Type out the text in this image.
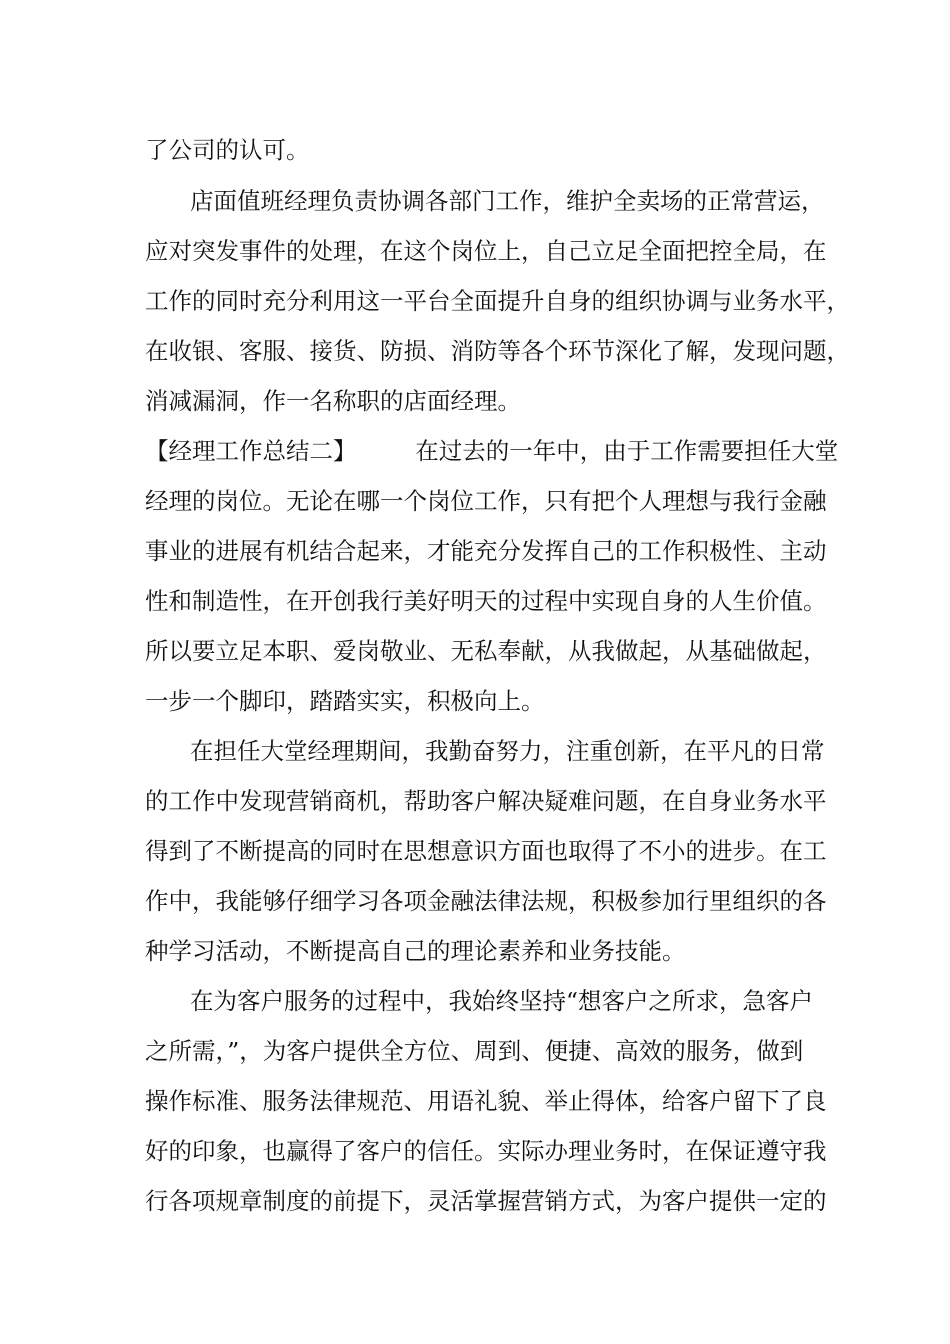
了公司的认可。
店面值班经理负责协调各部门工作，维护全卖场的正常营运，
应对突发事件的处理，在这个岗位上，自己立足全面把控全局，在
工作的同时充分利用这一平台全面提升自身的组织协调与业务水平，
在收银、客服、接货、防损、消防等各个环节深化了解，发现问题，
消减漏洞，作一名称职的店面经理。
【经理工作总结二】　　　在过去的一年中，由于工作需要担任大堂
经理的岗位。无论在哪一个岗位工作，只有把个人理想与我行金融
事业的进展有机结合起来，才能充分发挥自己的工作积极性、主动
性和制造性，在开创我行美好明天的过程中实现自身的人生价值。
所以要立足本职、爱岗敬业、无私奉献，从我做起，从基础做起，
一步一个脚印，踏踏实实，积极向上。
在担任大堂经理期间，我勤奋努力，注重创新，在平凡的日常
的工作中发现营销商机，帮助客户解决疑难问题，在自身业务水平
得到了不断提高的同时在思想意识方面也取得了不小的进步。在工
作中，我能够仔细学习各项金融法律法规，积极参加行里组织的各
种学习活动，不断提高自己的理论素养和业务技能。
在为客户服务的过程中，我始终坚持“想客户之所求，急客户
之所需，”，为客户提供全方位、周到、便捷、高效的服务，做到
操作标准、服务法律规范、用语礼貌、举止得体，给客户留下了良
好的印象，也赢得了客户的信任。实际办理业务时，在保证遵守我
行各项规章制度的前提下，灵活掌握营销方式，为客户提供一定的
